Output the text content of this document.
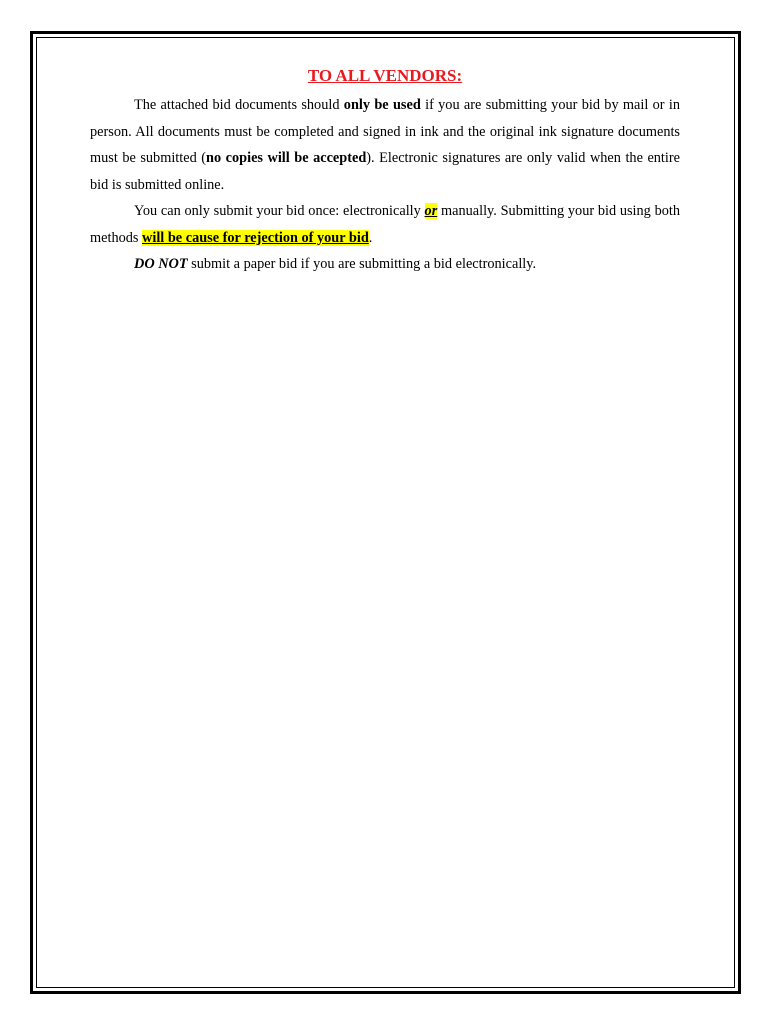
TO ALL VENDORS:

The attached bid documents should only be used if you are submitting your bid by mail or in person. All documents must be completed and signed in ink and the original ink signature documents must be submitted (no copies will be accepted). Electronic signatures are only valid when the entire bid is submitted online.

You can only submit your bid once: electronically or manually. Submitting your bid using both methods will be cause for rejection of your bid.

DO NOT submit a paper bid if you are submitting a bid electronically.
